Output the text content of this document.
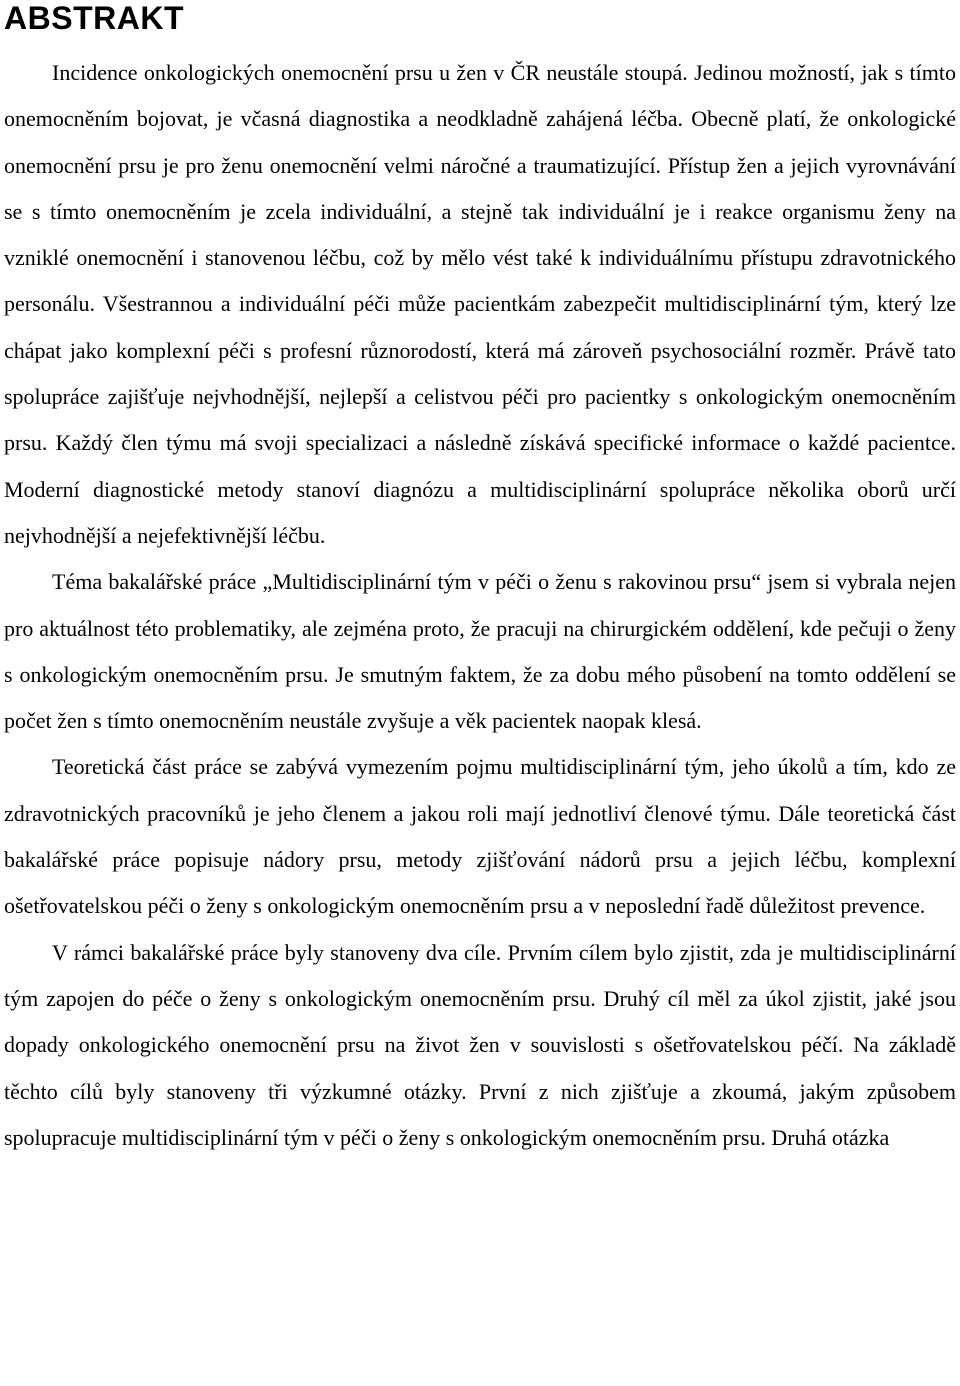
ABSTRAKT

Incidence onkologických onemocnění prsu u žen v ČR neustále stoupá. Jedinou možností, jak s tímto onemocněním bojovat, je včasná diagnostika a neodkladně zahájená léčba. Obecně platí, že onkologické onemocnění prsu je pro ženu onemocnění velmi náročné a traumatizující. Přístup žen a jejich vyrovnávání se s tímto onemocněním je zcela individuální, a stejně tak individuální je i reakce organismu ženy na vzniklé onemocnění i stanovenou léčbu, což by mělo vést také k individuálnímu přístupu zdravotnického personálu. Všestrannou a individuální péči může pacientkám zabezpečit multidisciplinární tým, který lze chápat jako komplexní péči s profesní různorodostí, která má zároveň psychosociální rozměr. Právě tato spolupráce zajišťuje nejvhodnější, nejlepší a celistvou péči pro pacientky s onkologickým onemocněním prsu. Každý člen týmu má svoji specializaci a následně získává specifické informace o každé pacientce. Moderní diagnostické metody stanoví diagnózu a multidisciplinární spolupráce několika oborů určí nejvhodnější a nejefektivnější léčbu.

Téma bakalářské práce „Multidisciplinární tým v péči o ženu s rakovinou prsu“ jsem si vybrala nejen pro aktuálnost této problematiky, ale zejména proto, že pracuji na chirurgickém oddělení, kde pečuji o ženy s onkologickým onemocněním prsu. Je smutným faktem, že za dobu mého působení na tomto oddělení se počet žen s tímto onemocněním neustále zvyšuje a věk pacientek naopak klesá.

Teoretická část práce se zabývá vymezením pojmu multidisciplinární tým, jeho úkolů a tím, kdo ze zdravotnických pracovníků je jeho členem a jakou roli mají jednotliví členové týmu. Dále teoretická část bakalářské práce popisuje nádory prsu, metody zjišťování nádorů prsu a jejich léčbu, komplexní ošetřovatelskou péči o ženy s onkologickým onemocněním prsu a v neposlední řadě důležitost prevence.

V rámci bakalářské práce byly stanoveny dva cíle. Prvním cílem bylo zjistit, zda je multidisciplinární tým zapojen do péče o ženy s onkologickým onemocněním prsu. Druhý cíl měl za úkol zjistit, jaké jsou dopady onkologického onemocnění prsu na život žen v souvislosti s ošetřovatelskou péčí. Na základě těchto cílů byly stanoveny tři výzkumné otázky. První z nich zjišťuje a zkoumá, jakým způsobem spolupracuje multidisciplinární tým v péči o ženy s onkologickým onemocněním prsu. Druhá otázka
